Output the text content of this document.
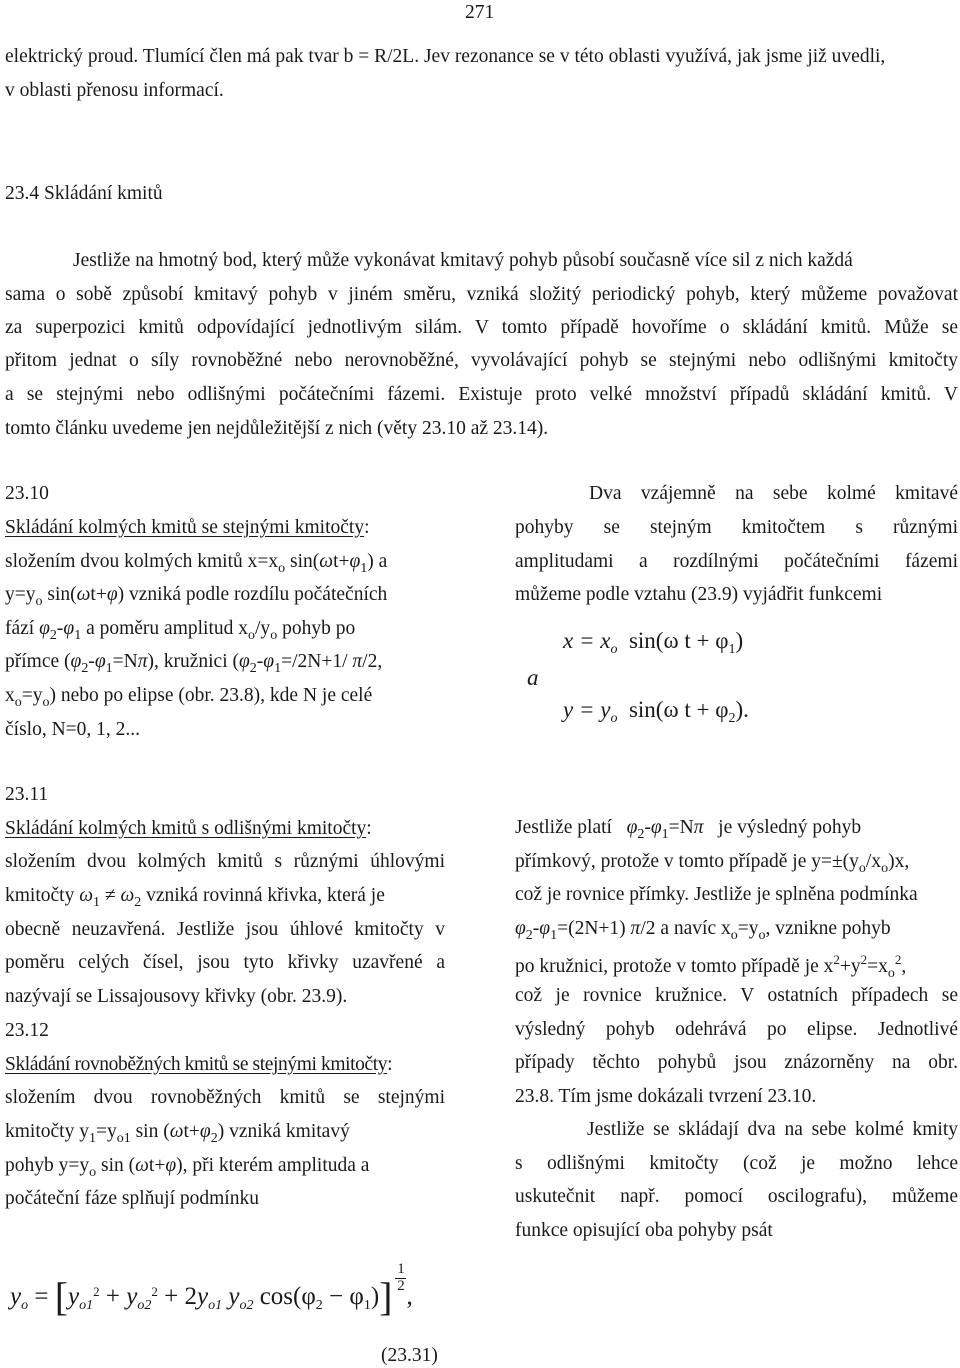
271
elektrický proud. Tlumící člen má pak tvar b = R/2L. Jev rezonance se v této oblasti využívá, jak jsme již uvedli,
v oblasti přenosu informací.
23.4 Skládání kmitů
Jestliže na hmotný bod, který může vykonávat kmitavý pohyb působí současně více sil z nich každá
sama o sobě způsobí kmitavý pohyb v jiném směru, vzniká složitý periodický pohyb, který můžeme považovat
za superpozici kmitů odpovídající jednotlivým silám. V tomto případě hovoříme o skládání kmitů. Může se
přitom jednat o síly rovnoběžné nebo nerovnoběžné, vyvolávající pohyb se stejnými nebo odlišnými kmitočty
a se stejnými nebo odlišnými počátečními fázemi. Existuje proto velké množství případů skládání kmitů. V
tomto článku uvedeme jen nejdůležitější z nich (věty 23.10 až 23.14).
23.10
Skládání kolmých kmitů se stejnými kmitočty:
složením dvou kolmých kmitů $x=x_o$ $\sin(\omega t+\varphi_1)$ a
$y=y_o$ sin(ωt+φ) vzniká podle rozdílu počátečních
fází $\varphi_2-\varphi_1$ a poměru amplitud $x_o/y_o$ pohyb po
přímce $(\varphi_2-\varphi_1=N\pi)$, kružnici ($\varphi_2-\varphi_1=/2N+1/$ π/2,
$x_o=y_o$) nebo po elipse (obr. 23.8), kde N je celé
číslo, N=0, 1, 2...
Dva vzájemně na sebe kolmé kmitavé
pohyby se stejným kmitočtem s různými
amplitudami a rozdílnými počátečními fázemi
můžeme podle vztahu (23.9) vyjádřit funkcemi
$x = x_o$ sin(ω $t + \varphi_1$)
a
$y = y_o$ sin(ω $t + \varphi_2$).
23.11
Skládání kolmých kmitů s odlišnými kmitočty:
složením dvou kolmých kmitů s různými úhlovými
kmitočty $\omega_1 \ne \omega_2$ vzniká rovinná křivka, která je
obecně neuzavřená. Jestliže jsou úhlové kmitočty v
poměru celých čísel, jsou tyto křivky uzavřené a
nazývají se Lissajousovy křivky (obr. 23.9).
Jestliže platí   $\varphi_2-\varphi_1=N\pi$   je výsledný pohyb
přímkový, protože v tomto případě je $y=\pm(y_o/x_o)x$,
což je rovnice přímky. Jestliže je splněna podmínka
$\varphi_2-\varphi_1=(2N+1)$ π/2 a navíc $x_o=y_o$, vznikne pohyb
po kružnici, protože v tomto případě je $x^2+y^2=x_o^2$,
což je rovnice kružnice. V ostatních případech se
výsledný pohyb odehrává po elipse. Jednotlivé
případy těchto pohybů jsou znázorněny na obr.
23.8. Tím jsme dokázali tvrzení 23.10.
Jestliže se skládají dva na sebe kolmé kmity
s odlišnými kmitočty (což je možno lehce
uskutečnit např. pomocí oscilografu), můžeme
funkce opisující oba pohyby psát
23.12
Skládání rovnoběžných kmitů se stejnými kmitočty:
složením dvou rovnoběžných kmitů se stejnými
kmitočty $y_1=y_{o1}$ $\sin (\omega t+\varphi_2)$ vzniká kmitavý
pohyb $y=y_o$ sin (ωt+φ), při kterém amplituda a
počáteční fáze splňují podmínku
$y_o = [y_{o1}^2 + y_{o2}^2 + 2y_{o1}$ $y_{o2}$ $\cos(\varphi_2 - \varphi_1)] \frac{1}{2}$
,
(23.31)
